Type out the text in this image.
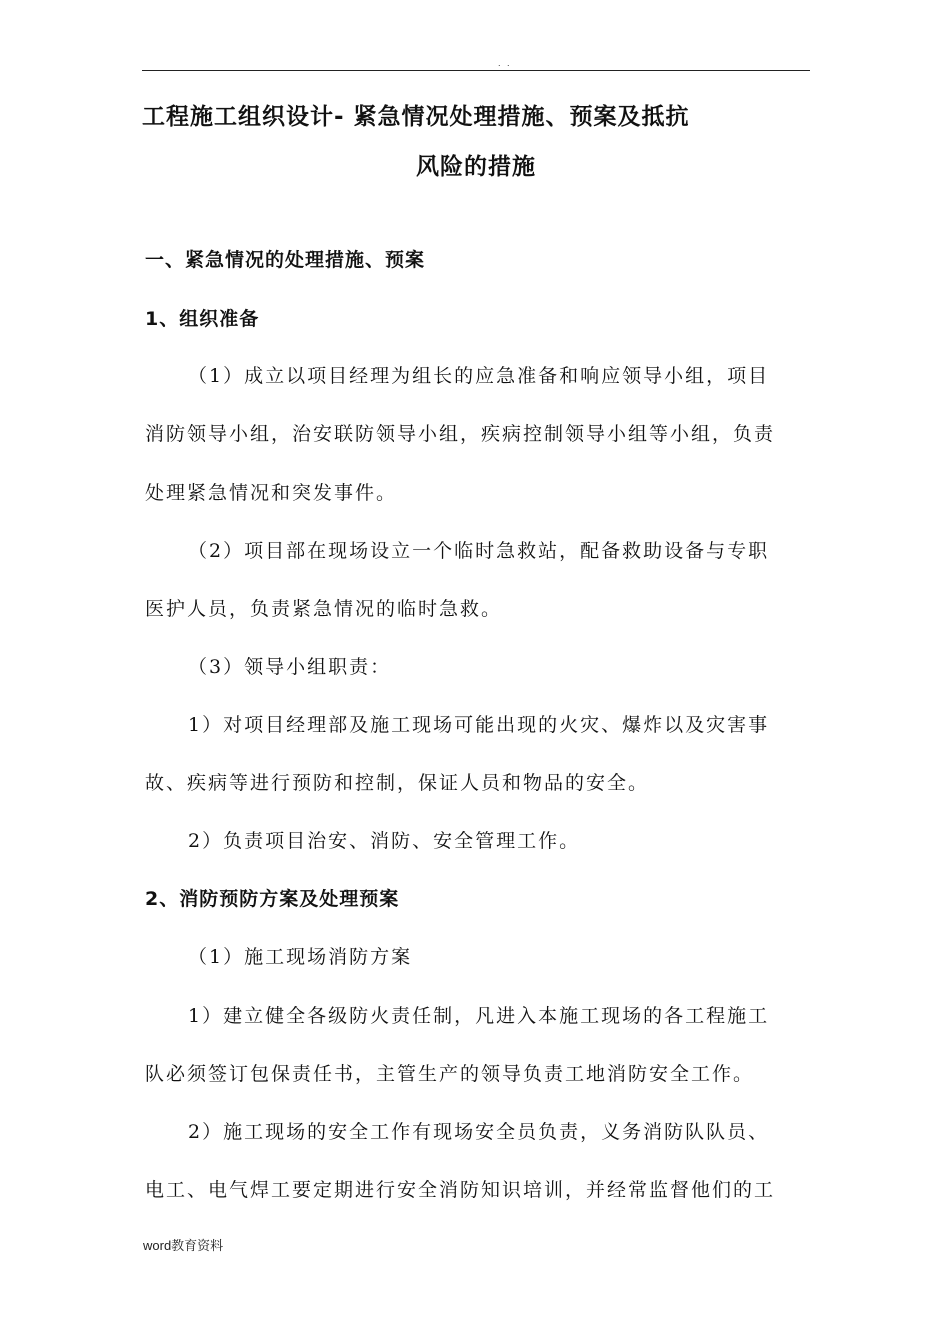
. .
工程施工组织设计- 紧急情况处理措施、预案及抵抗
风险的措施
一、紧急情况的处理措施、预案
1、组织准备
（1）成立以项目经理为组长的应急准备和响应领导小组，项目
消防领导小组，治安联防领导小组，疾病控制领导小组等小组，负责
处理紧急情况和突发事件。
（2）项目部在现场设立一个临时急救站，配备救助设备与专职
医护人员，负责紧急情况的临时急救。
（3）领导小组职责：
1）对项目经理部及施工现场可能出现的火灾、爆炸以及灾害事
故、疾病等进行预防和控制，保证人员和物品的安全。
2）负责项目治安、消防、安全管理工作。
2、消防预防方案及处理预案
（1）施工现场消防方案
1）建立健全各级防火责任制，凡进入本施工现场的各工程施工
队必须签订包保责任书，主管生产的领导负责工地消防安全工作。
2）施工现场的安全工作有现场安全员负责，义务消防队队员、
电工、电气焊工要定期进行安全消防知识培训，并经常监督他们的工
word教育资料
